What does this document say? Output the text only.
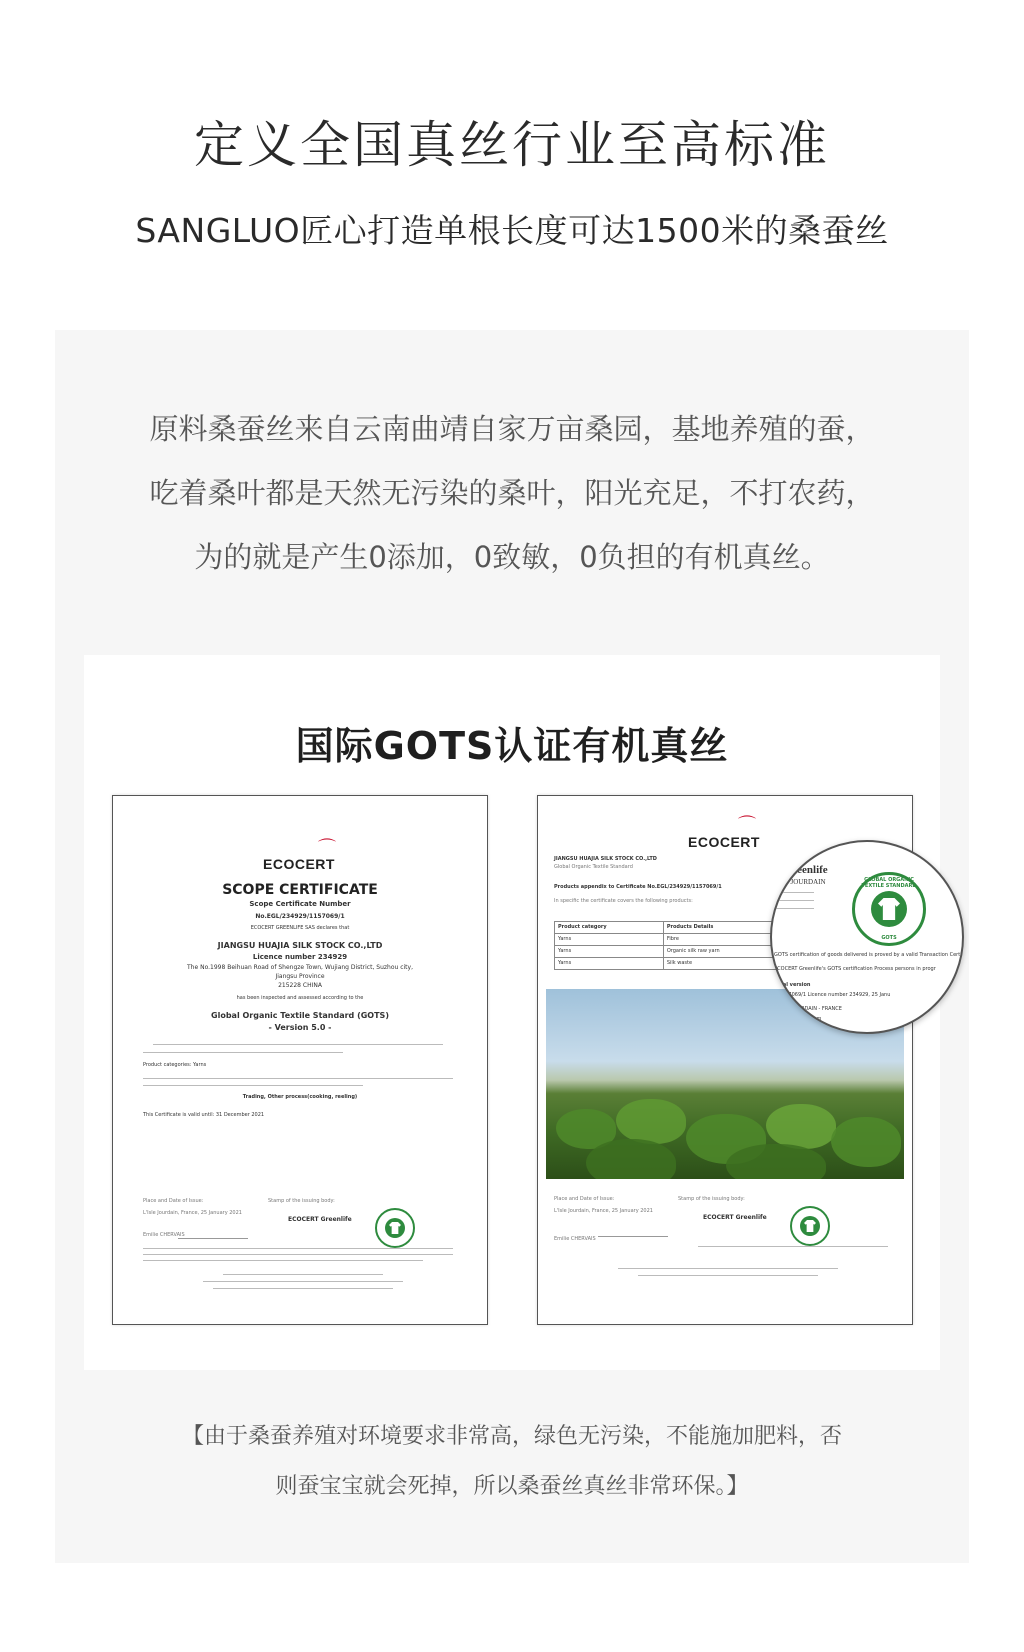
定义全国真丝行业至高标准
SANGLUO匠心打造单根长度可达1500米的桑蚕丝
原料桑蚕丝来自云南曲靖自家万亩桑园，基地养殖的蚕，
吃着桑叶都是天然无污染的桑叶，阳光充足，不打农药，
为的就是产生0添加，0致敏，0负担的有机真丝。
国际GOTS认证有机真丝
⌒
ECOCERT
SCOPE CERTIFICATE
Scope Certificate Number
No.EGL/234929/1157069/1
ECOCERT GREENLIFE SAS declares that
JIANGSU HUAJIA SILK STOCK CO.,LTD
Licence number 234929
The No.1998 Beihuan Road of Shengze Town, Wujiang District, Suzhou city,
Jiangsu Province
215228 CHINA
has been inspected and assessed according to the
Global Organic Textile Standard (GOTS)
- Version 5.0 -
Product categories: Yarns
Trading, Other process(cooking, reeling)
This Certificate is valid until: 31 December 2021
Place and Date of Issue:	Stamp of the issuing body:
L'Isle Jourdain, France, 25 January 2021
ECOCERT Greenlife
Emilie CHERVAIS
⌒
ECOCERT
JIANGSU HUAJIA SILK STOCK CO.,LTD
Global Organic Textile Standard
Products appendix to Certificate No.EGL/234929/1157069/1
In specific the certificate covers the following products:
Product category	Products Details
Yarns	Fibre
Yarns	Organic silk raw yarn
Yarns	Silk waste
Place and Date of Issue:	Stamp of the issuing body:
L'Isle Jourdain, France, 25 January 2021
ECOCERT Greenlife
Emilie CHERVAIS
T Greenlife
ISLE JOURDAIN	GLOBAL ORGANIC TEXTILE STANDARD
GOTS
GOTS certification of goods delivered is proved by a valid Transaction Certi
ECOCERT Greenlife's GOTS certification Process persons in progr
ginal version
9/1157069/1 Licence number 234929, 25 Janu
JOURDAIN - FRANCE
ert.com
【由于桑蚕养殖对环境要求非常高，绿色无污染，不能施加肥料，否
则蚕宝宝就会死掉，所以桑蚕丝真丝非常环保。】
